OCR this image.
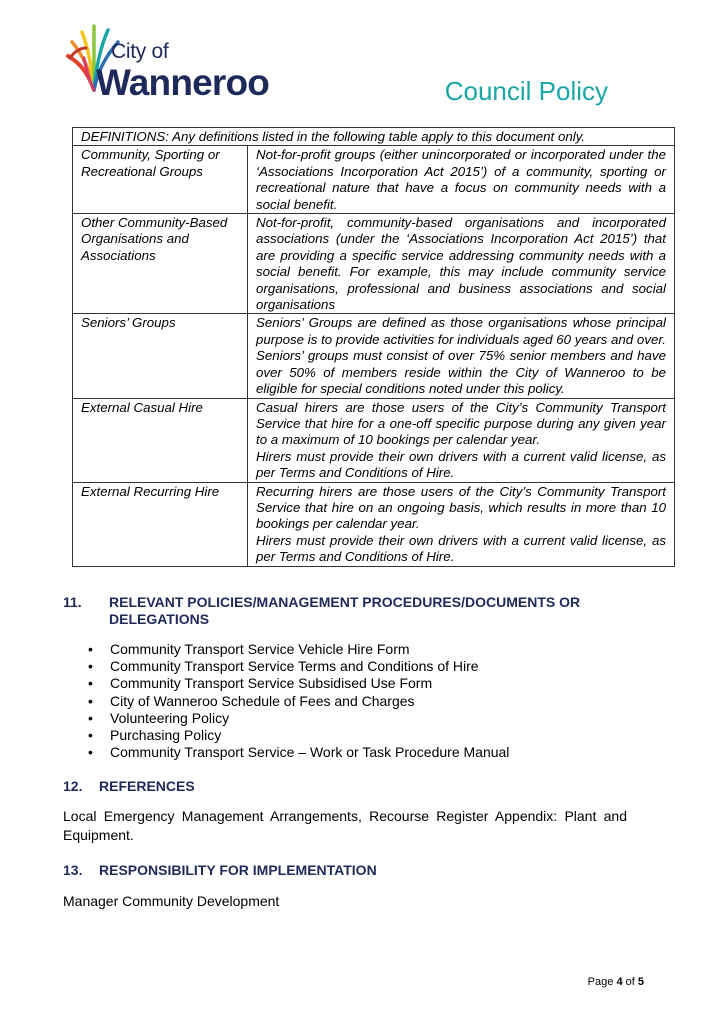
City of
Wanneroo	Council Policy
DEFINITIONS: Any definitions listed in the following table apply to this document only.	
Community, Sporting or Recreational Groups	Not-for-profit groups (either unincorporated or incorporated under the ‘Associations Incorporation Act 2015’) of a community, sporting or recreational nature that have a focus on community needs with a social benefit.
Other Community-Based Organisations and Associations	Not-for-profit, community-based organisations and incorporated associations (under the ‘Associations Incorporation Act 2015’) that are providing a specific service addressing community needs with a social benefit. For example, this may include community service organisations, professional and business associations and social organisations
Seniors’ Groups	Seniors’ Groups are defined as those organisations whose principal purpose is to provide activities for individuals aged 60 years and over. Seniors’ groups must consist of over 75% senior members and have over 50% of members reside within the City of Wanneroo to be eligible for special conditions noted under this policy.
External Casual Hire	Casual hirers are those users of the City’s Community Transport Service that hire for a one-off specific purpose during any given year to a maximum of 10 bookings per calendar year.
Hirers must provide their own drivers with a current valid license, as per Terms and Conditions of Hire.

External Recurring Hire	Recurring hirers are those users of the City’s Community Transport Service that hire on an ongoing basis, which results in more than 10 bookings per calendar year.
Hirers must provide their own drivers with a current valid license, as per Terms and Conditions of Hire.
11. RELEVANT POLICIES/MANAGEMENT PROCEDURES/DOCUMENTS OR
DELEGATIONS
• Community Transport Service Vehicle Hire Form
• Community Transport Service Terms and Conditions of Hire
• Community Transport Service Subsidised Use Form
• City of Wanneroo Schedule of Fees and Charges
• Volunteering Policy
• Purchasing Policy
• Community Transport Service – Work or Task Procedure Manual
12. REFERENCES
Local Emergency Management Arrangements, Recourse Register Appendix: Plant and Equipment.
13. RESPONSIBILITY FOR IMPLEMENTATION
Manager Community Development
Page 4 of 5
